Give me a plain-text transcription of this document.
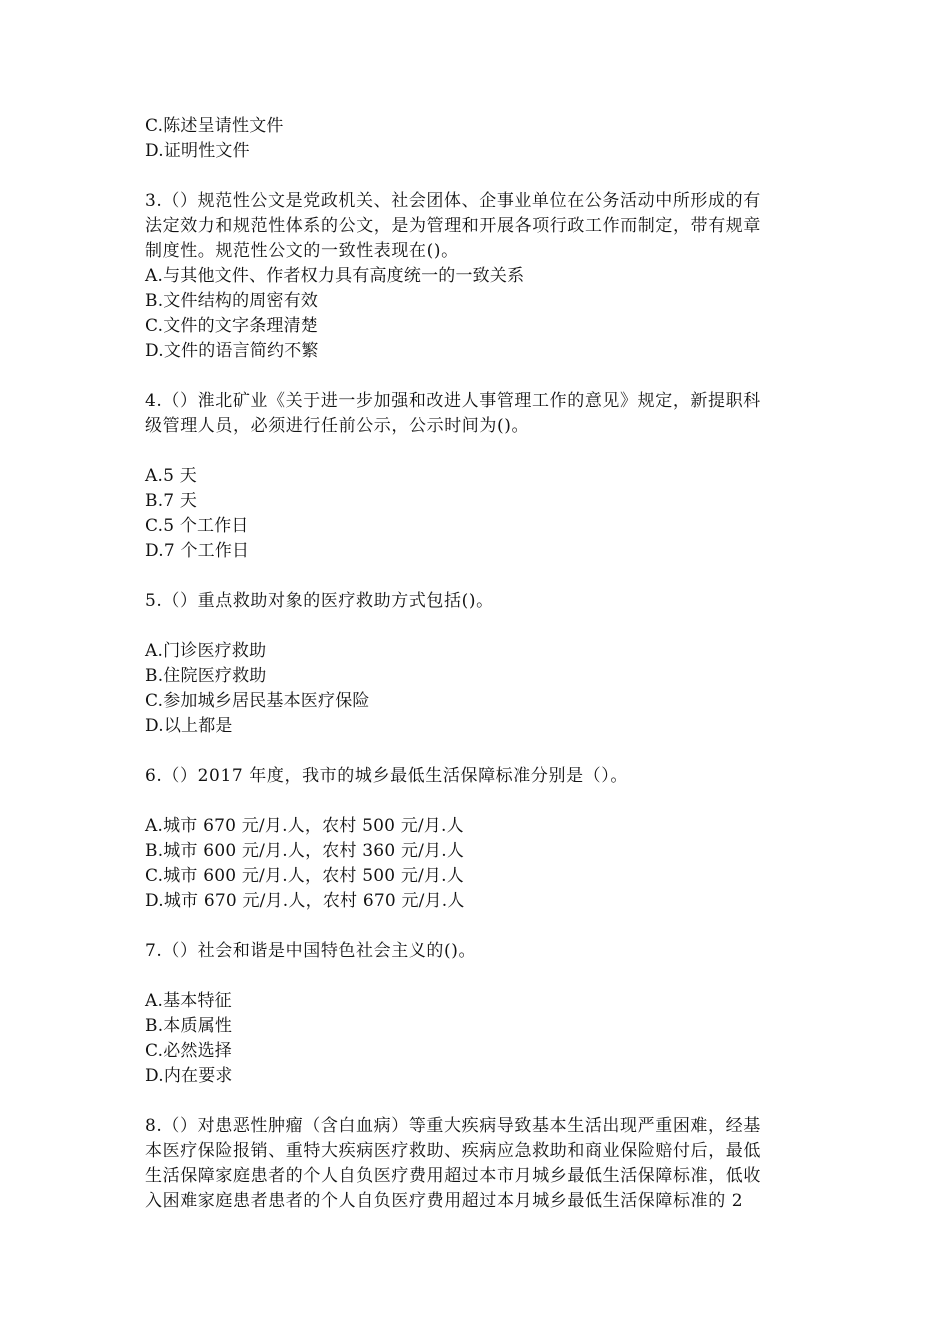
C.陈述呈请性文件
D.证明性文件
3.（）规范性公文是党政机关、社会团体、企事业单位在公务活动中所形成的有
法定效力和规范性体系的公文，是为管理和开展各项行政工作而制定，带有规章
制度性。规范性公文的一致性表现在()。
A.与其他文件、作者权力具有高度统一的一致关系
B.文件结构的周密有效
C.文件的文字条理清楚
D.文件的语言简约不繁
4.（）淮北矿业《关于进一步加强和改进人事管理工作的意见》规定，新提职科
级管理人员，必须进行任前公示，公示时间为()。
A.5 天
B.7 天
C.5 个工作日
D.7 个工作日
5.（）重点救助对象的医疗救助方式包括()。
A.门诊医疗救助
B.住院医疗救助
C.参加城乡居民基本医疗保险
D.以上都是
6.（）2017 年度，我市的城乡最低生活保障标准分别是（）。
A.城市 670 元/月.人，农村 500 元/月.人
B.城市 600 元/月.人，农村 360 元/月.人
C.城市 600 元/月.人，农村 500 元/月.人
D.城市 670 元/月.人，农村 670 元/月.人
7.（）社会和谐是中国特色社会主义的()。
A.基本特征
B.本质属性
C.必然选择
D.内在要求
8.（）对患恶性肿瘤（含白血病）等重大疾病导致基本生活出现严重困难，经基
本医疗保险报销、重特大疾病医疗救助、疾病应急救助和商业保险赔付后，最低
生活保障家庭患者的个人自负医疗费用超过本市月城乡最低生活保障标准，低收
入困难家庭患者患者的个人自负医疗费用超过本月城乡最低生活保障标准的 2
